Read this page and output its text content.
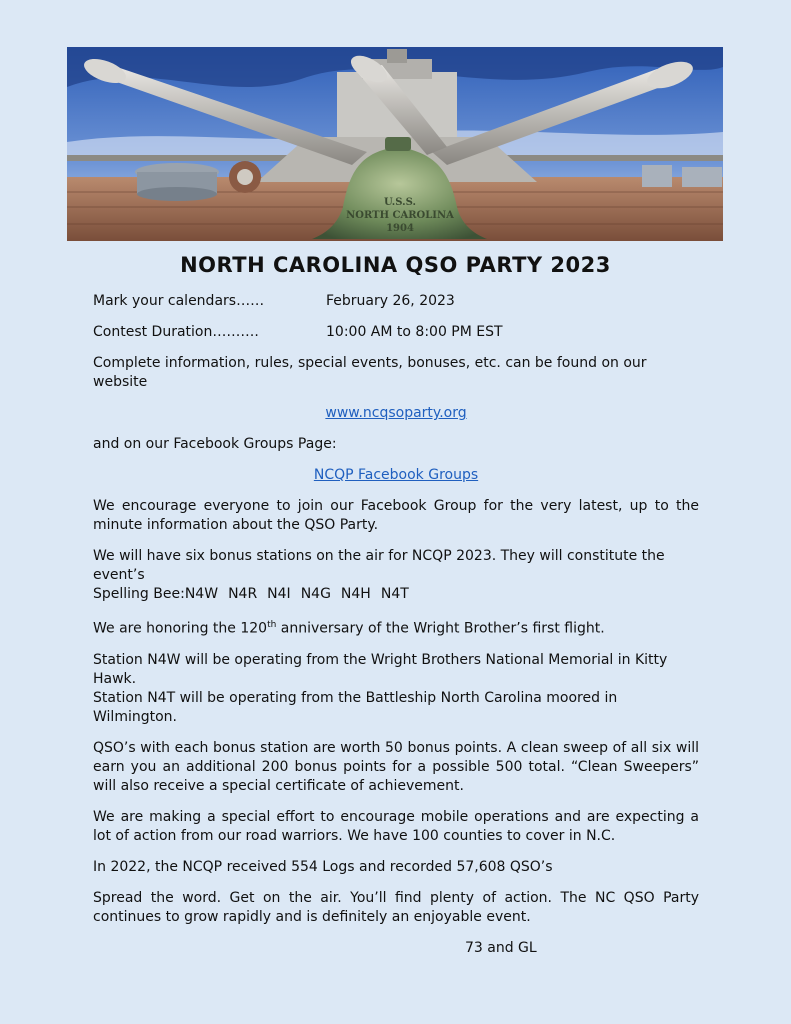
U.S.S.
NORTH CAROLINA
1904
NORTH CAROLINA QSO PARTY 2023
Mark your calendars……	February 26, 2023
Contest Duration……….	10:00 AM to 8:00 PM EST

Complete information, rules, special events, bonuses, etc. can be found on our website

www.ncqsoparty.org

and on our Facebook Groups Page:

NCQP Facebook Groups

We encourage everyone to join our Facebook Group for the very latest, up to the minute information about the QSO Party.

We will have six bonus stations on the air for NCQP 2023. They will constitute the event’s
Spelling Bee:N4W N4R N4I N4G N4H N4T

We are honoring the 120th anniversary of the Wright Brother’s first flight.

Station N4W will be operating from the Wright Brothers National Memorial in Kitty Hawk.
Station N4T will be operating from the Battleship North Carolina moored in Wilmington.

QSO’s with each bonus station are worth 50 bonus points. A clean sweep of all six will earn you an additional 200 bonus points for a possible 500 total. “Clean Sweepers” will also receive a special certificate of achievement.

We are making a special effort to encourage mobile operations and are expecting a lot of action from our road warriors. We have 100 counties to cover in N.C.

In 2022, the NCQP received 554 Logs and recorded 57,608 QSO’s

Spread the word. Get on the air. You’ll find plenty of action. The NC QSO Party continues to grow rapidly and is definitely an enjoyable event.

73 and GL
